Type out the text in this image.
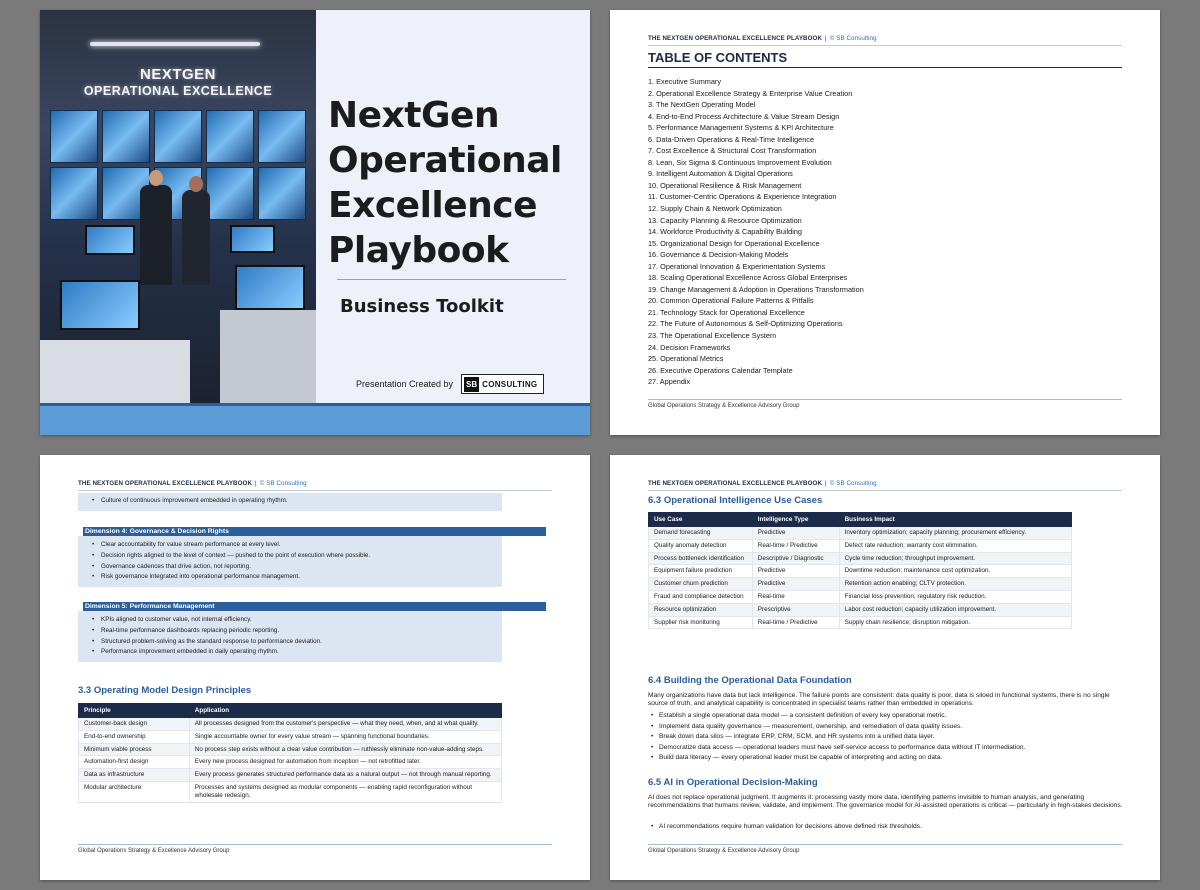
NEXTGEN
OPERATIONAL EXCELLENCE
NextGen
Operational
Excellence
Playbook
Business Toolkit
Presentation Created by SB CONSULTING
THE NEXTGEN OPERATIONAL EXCELLENCE PLAYBOOK | © SB Consulting
TABLE OF CONTENTS
1. Executive Summary
2. Operational Excellence Strategy & Enterprise Value Creation
3. The NextGen Operating Model
4. End-to-End Process Architecture & Value Stream Design
5. Performance Management Systems & KPI Architecture
6. Data-Driven Operations & Real-Time Intelligence
7. Cost Excellence & Structural Cost Transformation
8. Lean, Six Sigma & Continuous Improvement Evolution
9. Intelligent Automation & Digital Operations
10. Operational Resilience & Risk Management
11. Customer-Centric Operations & Experience Integration
12. Supply Chain & Network Optimization
13. Capacity Planning & Resource Optimization
14. Workforce Productivity & Capability Building
15. Organizational Design for Operational Excellence
16. Governance & Decision-Making Models
17. Operational Innovation & Experimentation Systems
18. Scaling Operational Excellence Across Global Enterprises
19. Change Management & Adoption in Operations Transformation
20. Common Operational Failure Patterns & Pitfalls
21. Technology Stack for Operational Excellence
22. The Future of Autonomous & Self-Optimizing Operations
23. The Operational Excellence System
24. Decision Frameworks
25. Operational Metrics
26. Executive Operations Calendar Template
27. Appendix
Global Operations Strategy & Excellence Advisory Group
THE NEXTGEN OPERATIONAL EXCELLENCE PLAYBOOK | © SB Consulting
• Culture of continuous improvement embedded in operating rhythm.
Dimension 4: Governance & Decision Rights
• Clear accountability for value stream performance at every level.
• Decision rights aligned to the level of context — pushed to the point of execution where possible.
• Governance cadences that drive action, not reporting.
• Risk governance integrated into operational performance management.
Dimension 5: Performance Management
• KPIs aligned to customer value, not internal efficiency.
• Real-time performance dashboards replacing periodic reporting.
• Structured problem-solving as the standard response to performance deviation.
• Performance improvement embedded in daily operating rhythm.
3.3 Operating Model Design Principles
Principle	Application
Customer-back design	All processes designed from the customer's perspective — what they need, when, and at what quality.
End-to-end ownership	Single accountable owner for every value stream — spanning functional boundaries.
Minimum viable process	No process step exists without a clear value contribution — ruthlessly eliminate non-value-adding steps.
Automation-first design	Every new process designed for automation from inception — not retrofitted later.
Data as infrastructure	Every process generates structured performance data as a natural output — not through manual reporting.
Modular architecture	Processes and systems designed as modular components — enabling rapid reconfiguration without wholesale redesign.
Global Operations Strategy & Excellence Advisory Group
THE NEXTGEN OPERATIONAL EXCELLENCE PLAYBOOK | © SB Consulting
6.3 Operational Intelligence Use Cases
Use Case	Intelligence Type	Business Impact
Demand forecasting	Predictive	Inventory optimization; capacity planning; procurement efficiency.
Quality anomaly detection	Real-time / Predictive	Defect rate reduction; warranty cost elimination.
Process bottleneck identification	Descriptive / Diagnostic	Cycle time reduction; throughput improvement.
Equipment failure prediction	Predictive	Downtime reduction; maintenance cost optimization.
Customer churn prediction	Predictive	Retention action enabling; CLTV protection.
Fraud and compliance detection	Real-time	Financial loss prevention; regulatory risk reduction.
Resource optimization	Prescriptive	Labor cost reduction; capacity utilization improvement.
Supplier risk monitoring	Real-time / Predictive	Supply chain resilience; disruption mitigation.
6.4 Building the Operational Data Foundation
Many organizations have data but lack intelligence. The failure points are consistent: data quality is poor, data is siloed in functional systems, there is no single source of truth, and analytical capability is concentrated in specialist teams rather than embedded in operations.
• Establish a single operational data model — a consistent definition of every key operational metric.
• Implement data quality governance — measurement, ownership, and remediation of data quality issues.
• Break down data silos — integrate ERP, CRM, SCM, and HR systems into a unified data layer.
• Democratize data access — operational leaders must have self-service access to performance data without IT intermediation.
• Build data literacy — every operational leader must be capable of interpreting and acting on data.
6.5 AI in Operational Decision-Making
AI does not replace operational judgment. It augments it: processing vastly more data, identifying patterns invisible to human analysis, and generating recommendations that humans review, validate, and implement. The governance model for AI-assisted operations is critical — particularly in high-stakes decisions.
• AI recommendations require human validation for decisions above defined risk thresholds.
Global Operations Strategy & Excellence Advisory Group
